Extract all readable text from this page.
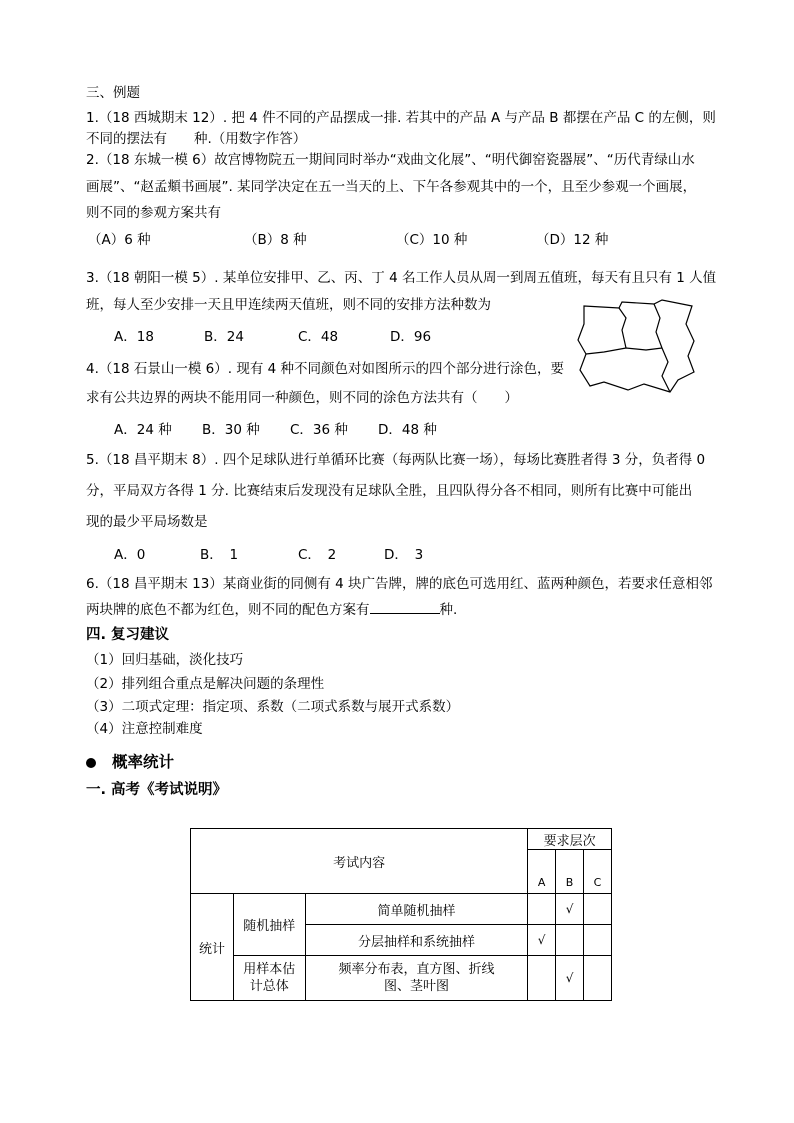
三、例题
1.（18 西城期末 12）. 把 4 件不同的产品摆成一排. 若其中的产品 A 与产品 B 都摆在产品 C 的左侧，则
不同的摆法有　　种.（用数字作答）
2.（18 东城一模 6）故宫博物院五一期间同时举办“戏曲文化展”、“明代御窑瓷器展”、“历代青绿山水
画展”、“赵孟頫书画展”. 某同学决定在五一当天的上、下午各参观其中的一个，且至少参观一个画展，
则不同的参观方案共有
（A）6 种	（B）8 种	（C）10 种	（D）12 种
3.（18 朝阳一模 5）. 某单位安排甲、乙、丙、丁 4 名工作人员从周一到周五值班，每天有且只有 1 人值
班，每人至少安排一天且甲连续两天值班，则不同的安排方法种数为
A．18	B．24	C．48	D．96
4.（18 石景山一模 6）. 现有 4 种不同颜色对如图所示的四个部分进行涂色，要
求有公共边界的两块不能用同一种颜色，则不同的涂色方法共有（　　）
A．24 种 B．30 种 C．36 种 D．48 种
5.（18 昌平期末 8）. 四个足球队进行单循环比赛（每两队比赛一场），每场比赛胜者得 3 分，负者得 0
分，平局双方各得 1 分. 比赛结束后发现没有足球队全胜，且四队得分各不相同，则所有比赛中可能出
现的最少平局场数是
A．0	B．　1	C．　2	D．　3
6.（18 昌平期末 13）某商业街的同侧有 4 块广告牌，牌的底色可选用红、蓝两种颜色，若要求任意相邻
两块牌的底色不都为红色，则不同的配色方案有	种.
四. 复习建议
（1）回归基础，淡化技巧
（2）排列组合重点是解决问题的条理性
（3）二项式定理：指定项、系数（二项式系数与展开式系数）
（4）注意控制难度
概率统计
一. 高考《考试说明》
考试内容			要求层次		
			A	B	C
统计	随机抽样	简单随机抽样		√	
		分层抽样和系统抽样	√		
	用样本估计总体	频率分布表，直方图、折线图、茎叶图		√	
